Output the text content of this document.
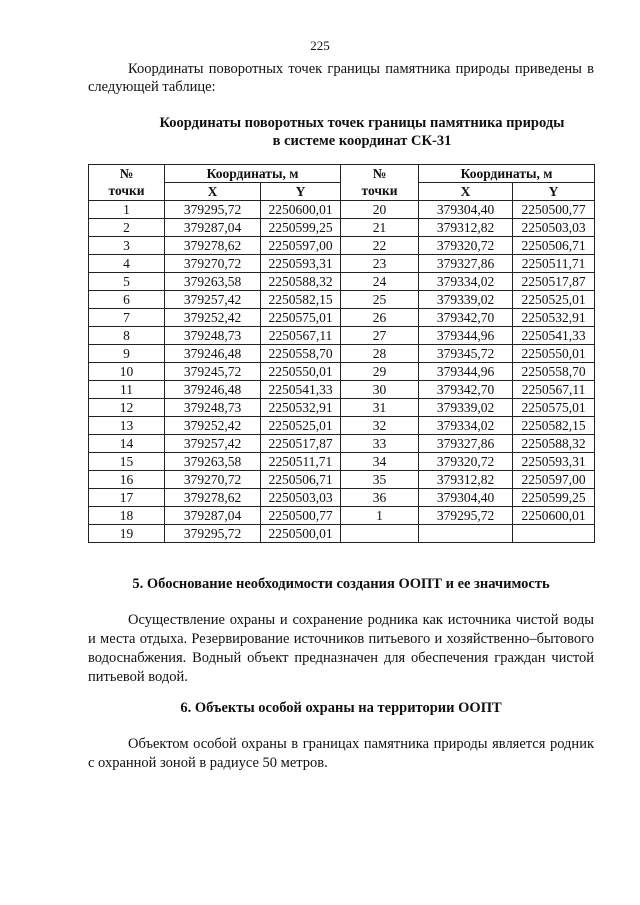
225

Координаты поворотных точек границы памятника природы приведены в следующей таблице:

Координаты поворотных точек границы памятника природы
в системе координат СК-31
№	Координаты, м		№	Координаты, м	
точки	X	Y	точки	X	Y
1	379295,72	2250600,01	20	379304,40	2250500,77
2	379287,04	2250599,25	21	379312,82	2250503,03
3	379278,62	2250597,00	22	379320,72	2250506,71
4	379270,72	2250593,31	23	379327,86	2250511,71
5	379263,58	2250588,32	24	379334,02	2250517,87
6	379257,42	2250582,15	25	379339,02	2250525,01
7	379252,42	2250575,01	26	379342,70	2250532,91
8	379248,73	2250567,11	27	379344,96	2250541,33
9	379246,48	2250558,70	28	379345,72	2250550,01
10	379245,72	2250550,01	29	379344,96	2250558,70
11	379246,48	2250541,33	30	379342,70	2250567,11
12	379248,73	2250532,91	31	379339,02	2250575,01
13	379252,42	2250525,01	32	379334,02	2250582,15
14	379257,42	2250517,87	33	379327,86	2250588,32
15	379263,58	2250511,71	34	379320,72	2250593,31
16	379270,72	2250506,71	35	379312,82	2250597,00
17	379278,62	2250503,03	36	379304,40	2250599,25
18	379287,04	2250500,77	1	379295,72	2250600,01
19	379295,72	2250500,01			
5. Обоснование необходимости создания ООПТ и ее значимость

Осуществление охраны и сохранение родника как источника чистой воды и места отдыха. Резервирование источников питьевого и хозяйственно–бытового водоснабжения. Водный объект предназначен для обеспечения граждан чистой питьевой водой.

6. Объекты особой охраны на территории ООПТ

Объектом особой охраны в границах памятника природы является родник с охранной зоной в радиусе 50 метров.
